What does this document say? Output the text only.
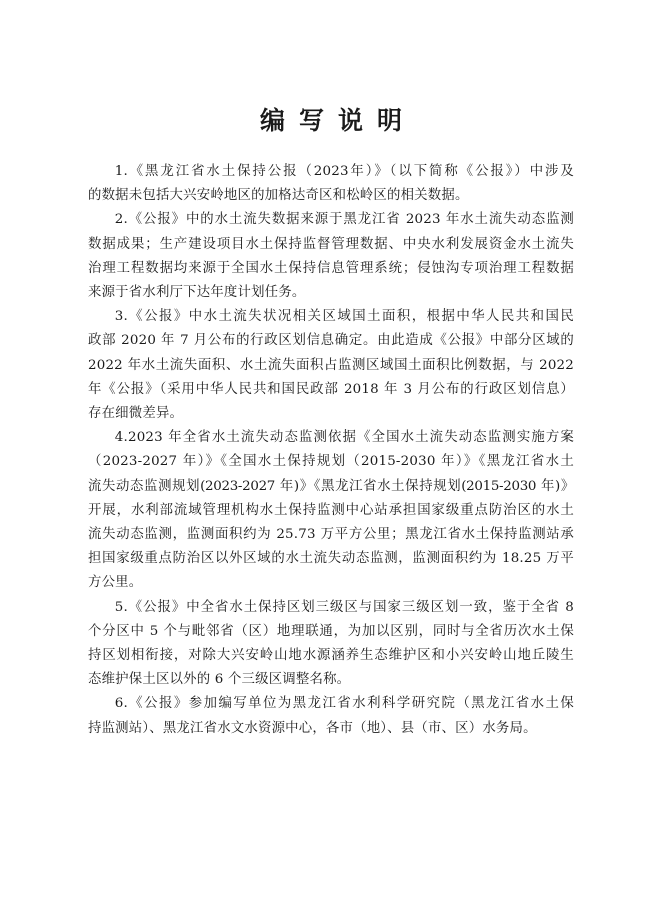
编写说明

1.《黑龙江省水土保持公报（2023年）》（以下简称《公报》）中涉及
的数据未包括大兴安岭地区的加格达奇区和松岭区的相关数据。

2.《公报》中的水土流失数据来源于黑龙江省 2023 年水土流失动态监测
数据成果；生产建设项目水土保持监督管理数据、中央水利发展资金水土流失
治理工程数据均来源于全国水土保持信息管理系统；侵蚀沟专项治理工程数据
来源于省水利厅下达年度计划任务。

3.《公报》中水土流失状况相关区域国土面积，根据中华人民共和国民
政部 2020 年 7 月公布的行政区划信息确定。由此造成《公报》中部分区域的
2022 年水土流失面积、水土流失面积占监测区域国土面积比例数据，与 2022
年《公报》（采用中华人民共和国民政部 2018 年 3 月公布的行政区划信息）
存在细微差异。

4.2023 年全省水土流失动态监测依据《全国水土流失动态监测实施方案
（2023-2027 年）》《全国水土保持规划（2015-2030 年）》《黑龙江省水土
流失动态监测规划(2023-2027 年)》《黑龙江省水土保持规划(2015-2030 年)》
开展，水利部流域管理机构水土保持监测中心站承担国家级重点防治区的水土
流失动态监测，监测面积约为 25.73 万平方公里；黑龙江省水土保持监测站承
担国家级重点防治区以外区域的水土流失动态监测，监测面积约为 18.25 万平
方公里。

5.《公报》中全省水土保持区划三级区与国家三级区划一致，鉴于全省 8
个分区中 5 个与毗邻省（区）地理联通，为加以区别，同时与全省历次水土保
持区划相衔接，对除大兴安岭山地水源涵养生态维护区和小兴安岭山地丘陵生
态维护保土区以外的 6 个三级区调整名称。

6.《公报》参加编写单位为黑龙江省水利科学研究院（黑龙江省水土保
持监测站）、黑龙江省水文水资源中心，各市（地）、县（市、区）水务局。
